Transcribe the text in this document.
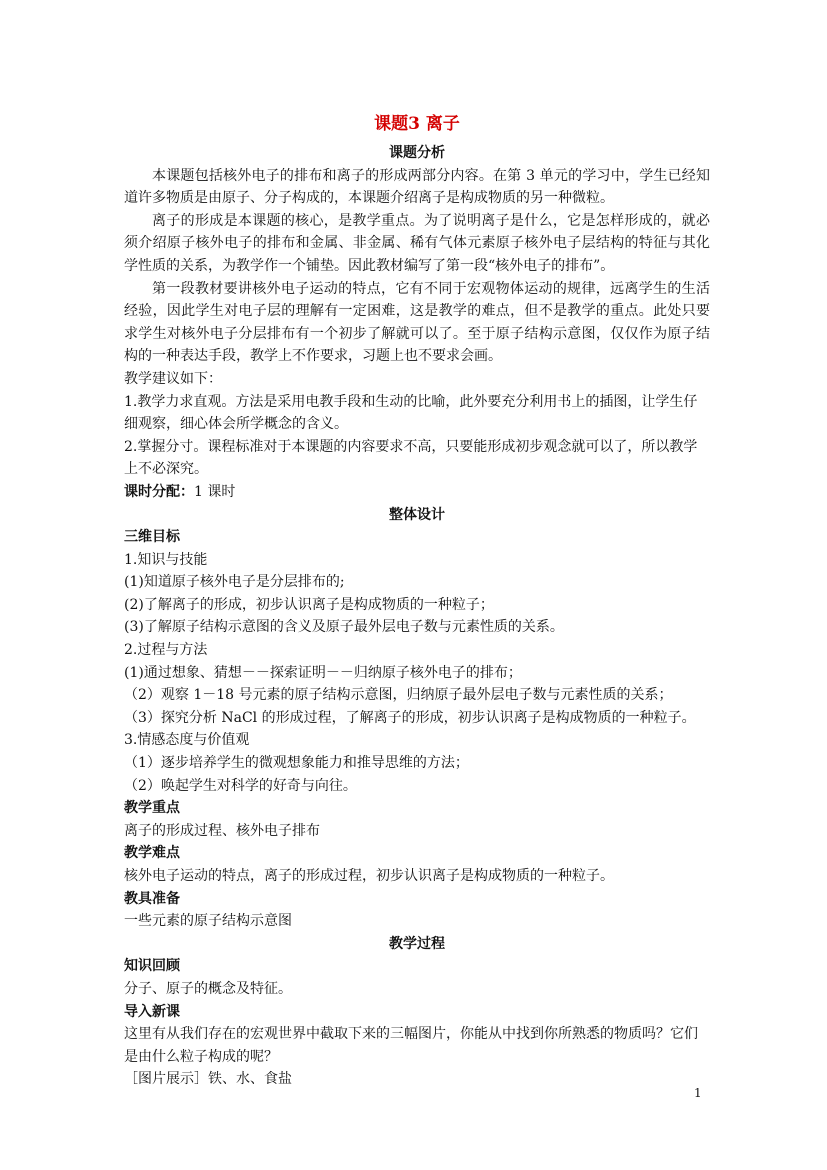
课题3 离子
课题分析
本课题包括核外电子的排布和离子的形成两部分内容。在第 3 单元的学习中，学生已经知道许多物质是由原子、分子构成的，本课题介绍离子是构成物质的另一种微粒。
离子的形成是本课题的核心，是教学重点。为了说明离子是什么，它是怎样形成的，就必须介绍原子核外电子的排布和金属、非金属、稀有气体元素原子核外电子层结构的特征与其化学性质的关系，为教学作一个铺垫。因此教材编写了第一段“核外电子的排布”。
第一段教材要讲核外电子运动的特点，它有不同于宏观物体运动的规律，远离学生的生活经验，因此学生对电子层的理解有一定困难，这是教学的难点，但不是教学的重点。此处只要求学生对核外电子分层排布有一个初步了解就可以了。至于原子结构示意图，仅仅作为原子结构的一种表达手段，教学上不作要求，习题上也不要求会画。
教学建议如下：
1.教学力求直观。方法是采用电教手段和生动的比喻，此外要充分利用书上的插图，让学生仔细观察，细心体会所学概念的含义。
2.掌握分寸。课程标准对于本课题的内容要求不高，只要能形成初步观念就可以了，所以教学上不必深究。
课时分配：1 课时
整体设计
三维目标
1.知识与技能
(1)知道原子核外电子是分层排布的;
(2)了解离子的形成，初步认识离子是构成物质的一种粒子；
(3)了解原子结构示意图的含义及原子最外层电子数与元素性质的关系。
2.过程与方法
(1)通过想象、猜想－－探索证明－－归纳原子核外电子的排布；
（2）观察 1－18 号元素的原子结构示意图，归纳原子最外层电子数与元素性质的关系；
（3）探究分析 NaCl 的形成过程，了解离子的形成，初步认识离子是构成物质的一种粒子。
3.情感态度与价值观
（1）逐步培养学生的微观想象能力和推导思维的方法；
（2）唤起学生对科学的好奇与向往。
教学重点
离子的形成过程、核外电子排布
教学难点
核外电子运动的特点，离子的形成过程，初步认识离子是构成物质的一种粒子。
教具准备
一些元素的原子结构示意图
教学过程
知识回顾
分子、原子的概念及特征。
导入新课
这里有从我们存在的宏观世界中截取下来的三幅图片，你能从中找到你所熟悉的物质吗？它们是由什么粒子构成的呢？
［图片展示］铁、水、食盐
1
